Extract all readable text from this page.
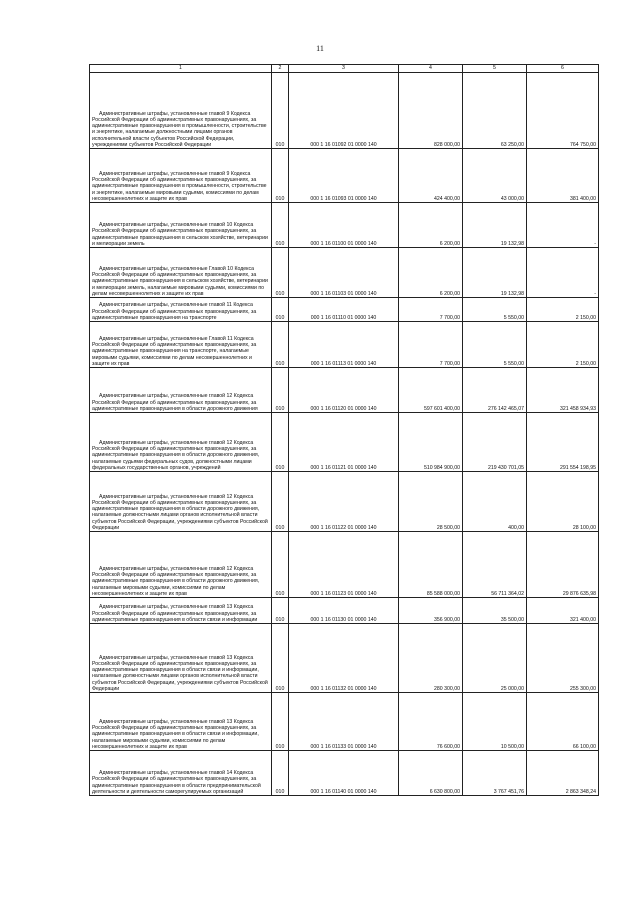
11
1	2	3	4	5	6
Административные штрафы, установленные главой 9 Кодекса Российской Федерации об административных правонарушениях, за административные правонарушения в промышленности, строительстве и энергетике, налагаемые должностными лицами органов исполнительной власти субъектов Российской Федерации, учреждениями субъектов Российской Федерации	010	000 1 16 01092 01 0000 140	828 000,00	63 250,00	764 750,00
Административные штрафы, установленные главой 9 Кодекса Российской Федерации об административных правонарушениях, за административные правонарушения в промышленности, строительстве и энергетике, налагаемые мировыми судьями, комиссиями по делам несовершеннолетних и защите их прав	010	000 1 16 01093 01 0000 140	424 400,00	43 000,00	381 400,00
Административные штрафы, установленные главой 10 Кодекса Российской Федерации об административных правонарушениях, за административные правонарушения в сельском хозяйстве, ветеринарии и мелиорации земель	010	000 1 16 01100 01 0000 140	6 200,00	19 132,98	-
Административные штрафы, установленные Главой 10 Кодекса Российской Федерации об административных правонарушениях, за административные правонарушения в сельском хозяйстве, ветеринарии и мелиорации земель, налагаемые мировыми судьями, комиссиями по делам несовершеннолетних и защите их прав	010	000 1 16 01103 01 0000 140	6 200,00	19 132,98	-
Административные штрафы, установленные главой 11 Кодекса Российской Федерации об административных правонарушениях, за административные правонарушения на транспорте	010	000 1 16 01110 01 0000 140	7 700,00	5 550,00	2 150,00
Административные штрафы, установленные Главой 11 Кодекса Российской Федерации об административных правонарушениях, за административные правонарушения на транспорте, налагаемые мировыми судьями, комиссиями по делам несовершеннолетних и защите их прав	010	000 1 16 01113 01 0000 140	7 700,00	5 550,00	2 150,00
Административные штрафы, установленные главой 12 Кодекса Российской Федерации об административных правонарушениях, за административные правонарушения в области дорожного движения	010	000 1 16 01120 01 0000 140	597 601 400,00	276 142 465,07	321 458 934,93
Административные штрафы, установленные главой 12 Кодекса Российской Федерации об административных правонарушениях, за административные правонарушения в области дорожного движения, налагаемые судьями федеральных судов, должностными лицами федеральных государственных органов, учреждений	010	000 1 16 01121 01 0000 140	510 984 900,00	219 430 701,05	291 554 198,95
Административные штрафы, установленные главой 12 Кодекса Российской Федерации об административных правонарушениях, за административные правонарушения в области дорожного движения, налагаемые должностными лицами органов исполнительной власти субъектов Российской Федерации, учреждениями субъектов Российской Федерации	010	000 1 16 01122 01 0000 140	28 500,00	400,00	28 100,00
Административные штрафы, установленные главой 12 Кодекса Российской Федерации об административных правонарушениях, за административные правонарушения в области дорожного движения, налагаемые мировыми судьями, комиссиями по делам несовершеннолетних и защите их прав	010	000 1 16 01123 01 0000 140	85 588 000,00	56 711 364,02	29 876 635,98
Административные штрафы, установленные главой 13 Кодекса Российской Федерации об административных правонарушениях, за административные правонарушения в области связи и информации	010	000 1 16 01130 01 0000 140	356 900,00	35 500,00	321 400,00
Административные штрафы, установленные главой 13 Кодекса Российской Федерации об административных правонарушениях, за административные правонарушения в области связи и информации, налагаемые должностными лицами органов исполнительной власти субъектов Российской Федерации, учреждениями субъектов Российской Федерации	010	000 1 16 01132 01 0000 140	280 300,00	25 000,00	255 300,00
Административные штрафы, установленные главой 13 Кодекса Российской Федерации об административных правонарушениях, за административные правонарушения в области связи и информации, налагаемые мировыми судьями, комиссиями по делам несовершеннолетних и защите их прав	010	000 1 16 01133 01 0000 140	76 600,00	10 500,00	66 100,00
Административные штрафы, установленные главой 14 Кодекса Российской Федерации об административных правонарушениях, за административные правонарушения в области предпринимательской деятельности и деятельности саморегулируемых организаций	010	000 1 16 01140 01 0000 140	6 630 800,00	3 767 451,76	2 863 348,24
